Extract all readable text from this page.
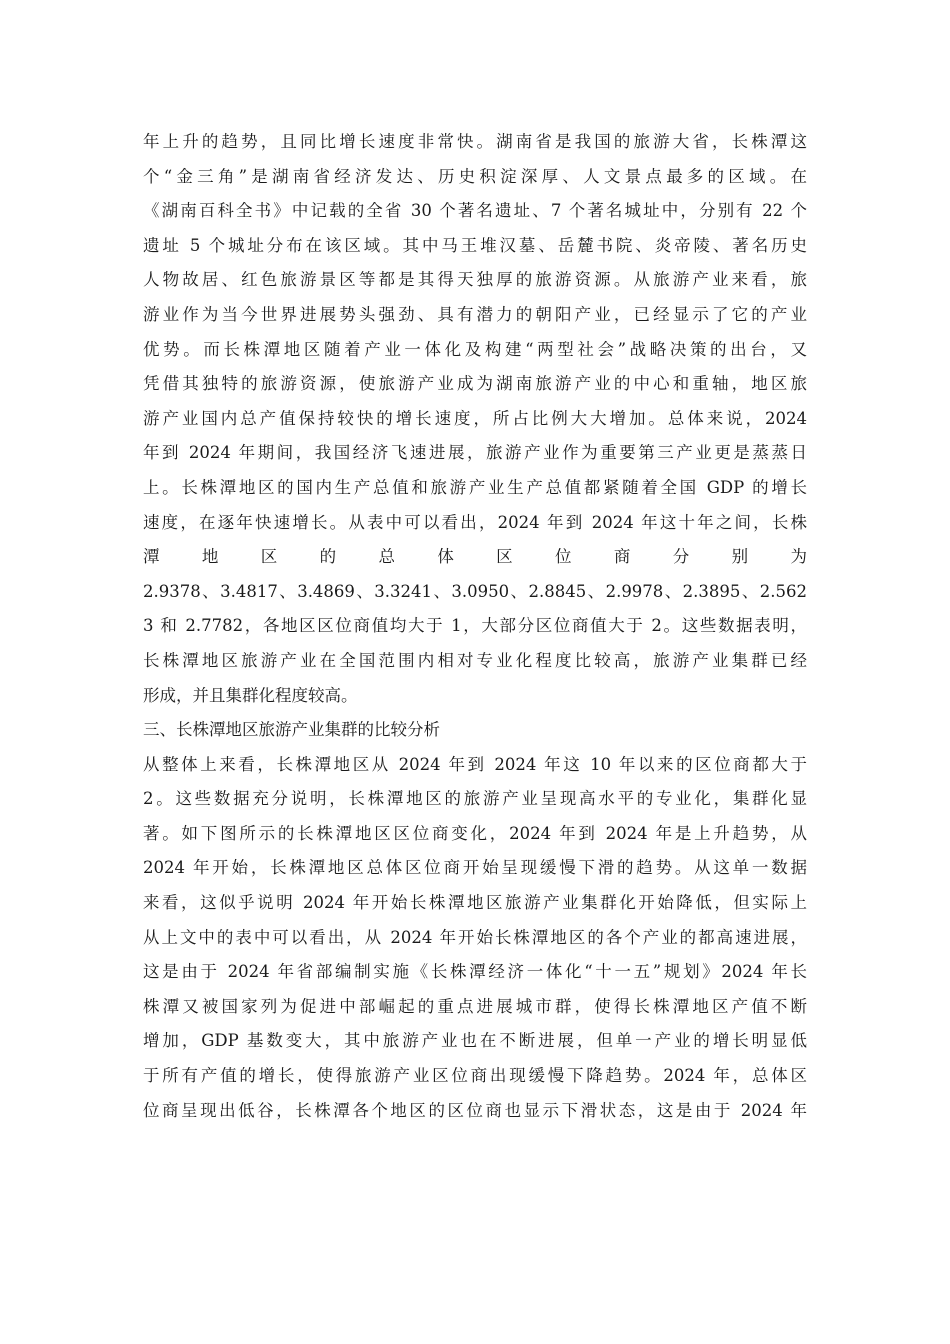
年上升的趋势，且同比增长速度非常快。湖南省是我国的旅游大省，长株潭这
个“金三角”是湖南省经济发达、历史积淀深厚、人文景点最多的区域。在
《湖南百科全书》中记载的全省 30 个著名遗址、7 个著名城址中，分别有 22 个
遗址 5 个城址分布在该区域。其中马王堆汉墓、岳麓书院、炎帝陵、著名历史
人物故居、红色旅游景区等都是其得天独厚的旅游资源。从旅游产业来看，旅
游业作为当今世界进展势头强劲、具有潜力的朝阳产业，已经显示了它的产业
优势。而长株潭地区随着产业一体化及构建“两型社会”战略决策的出台，又
凭借其独特的旅游资源，使旅游产业成为湖南旅游产业的中心和重轴，地区旅
游产业国内总产值保持较快的增长速度，所占比例大大增加。总体来说，2024
年到 2024 年期间，我国经济飞速进展，旅游产业作为重要第三产业更是蒸蒸日
上。长株潭地区的国内生产总值和旅游产业生产总值都紧随着全国 GDP 的增长
速度，在逐年快速增长。从表中可以看出，2024 年到 2024 年这十年之间，长株
潭 地 区 的 总 体 区 位 商 分 别 为
2.9378、3.4817、3.4869、3.3241、3.0950、2.8845、2.9978、2.3895、2.562
3 和 2.7782，各地区区位商值均大于 1，大部分区位商值大于 2。这些数据表明，
长株潭地区旅游产业在全国范围内相对专业化程度比较高，旅游产业集群已经
形成，并且集群化程度较高。
三、长株潭地区旅游产业集群的比较分析
从整体上来看，长株潭地区从 2024 年到 2024 年这 10 年以来的区位商都大于
2。这些数据充分说明，长株潭地区的旅游产业呈现高水平的专业化，集群化显
著。如下图所示的长株潭地区区位商变化，2024 年到 2024 年是上升趋势，从
2024 年开始，长株潭地区总体区位商开始呈现缓慢下滑的趋势。从这单一数据
来看，这似乎说明 2024 年开始长株潭地区旅游产业集群化开始降低，但实际上
从上文中的表中可以看出，从 2024 年开始长株潭地区的各个产业的都高速进展，
这是由于 2024 年省部编制实施《长株潭经济一体化“十一五”规划》2024 年长
株潭又被国家列为促进中部崛起的重点进展城市群，使得长株潭地区产值不断
增加，GDP 基数变大，其中旅游产业也在不断进展，但单一产业的增长明显低
于所有产值的增长，使得旅游产业区位商出现缓慢下降趋势。2024 年，总体区
位商呈现出低谷，长株潭各个地区的区位商也显示下滑状态，这是由于 2024 年
